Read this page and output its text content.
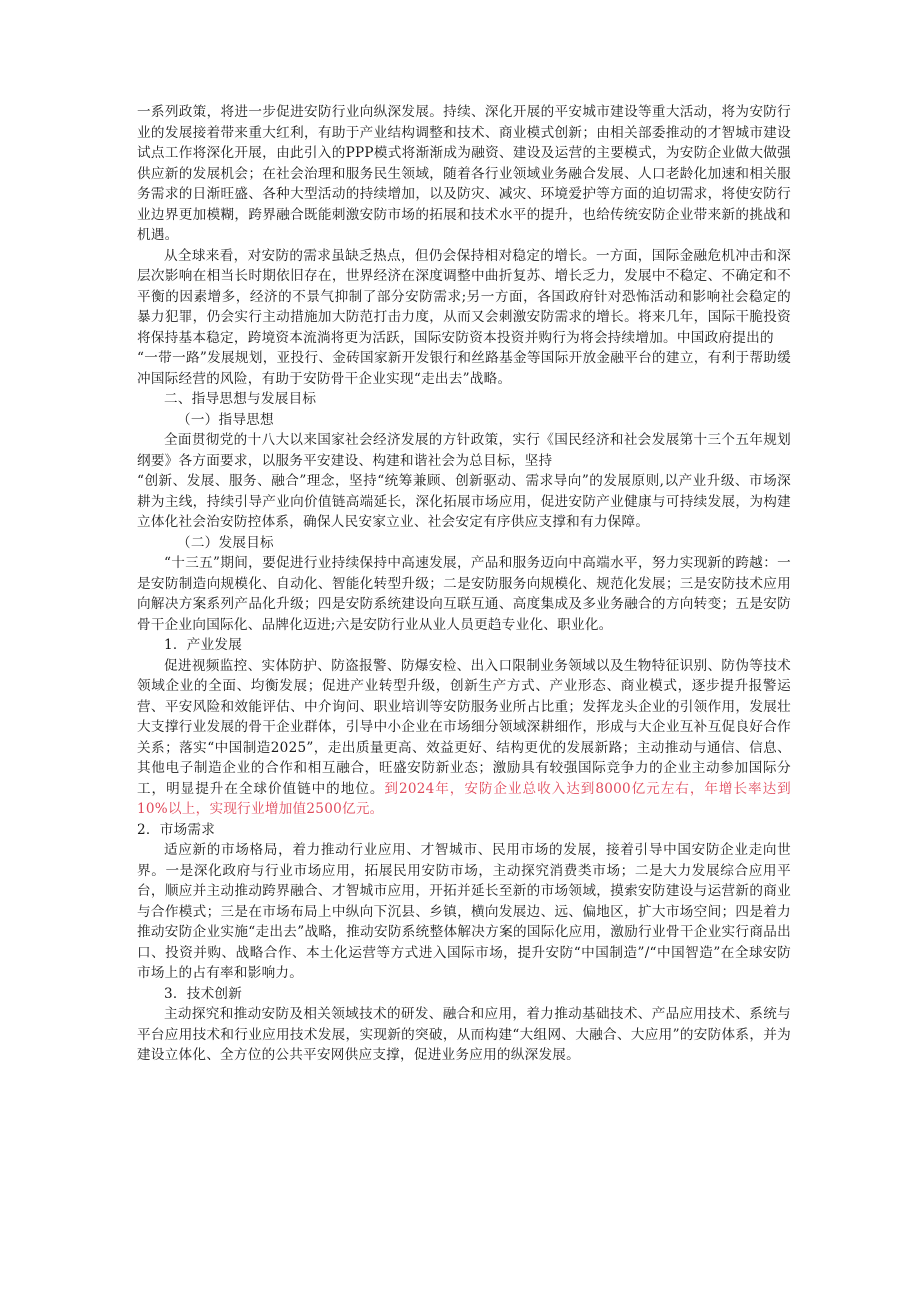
一系列政策，将进一步促进安防行业向纵深发展。持续、深化开展的平安城市建设等重大活动，将为安防行业的发展接着带来重大红利，有助于产业结构调整和技术、商业模式创新；由相关部委推动的才智城市建设试点工作将深化开展，由此引入的PPP模式将渐渐成为融资、建设及运营的主要模式，为安防企业做大做强供应新的发展机会；在社会治理和服务民生领域，随着各行业领域业务融合发展、人口老龄化加速和相关服务需求的日渐旺盛、各种大型活动的持续增加，以及防灾、减灾、环境爱护等方面的迫切需求，将使安防行业边界更加模糊，跨界融合既能刺激安防市场的拓展和技术水平的提升，也给传统安防企业带来新的挑战和机遇。

从全球来看，对安防的需求虽缺乏热点，但仍会保持相对稳定的增长。一方面，国际金融危机冲击和深层次影响在相当长时期依旧存在，世界经济在深度调整中曲折复苏、增长乏力，发展中不稳定、不确定和不平衡的因素增多，经济的不景气抑制了部分安防需求;另一方面，各国政府针对恐怖活动和影响社会稳定的暴力犯罪，仍会实行主动措施加大防范打击力度，从而又会刺激安防需求的增长。将来几年，国际干脆投资将保持基本稳定，跨境资本流淌将更为活跃，国际安防资本投资并购行为将会持续增加。中国政府提出的

“一带一路”发展规划，亚投行、金砖国家新开发银行和丝路基金等国际开放金融平台的建立，有利于帮助缓冲国际经营的风险，有助于安防骨干企业实现“走出去”战略。

二、指导思想与发展目标

（一）指导思想

全面贯彻党的十八大以来国家社会经济发展的方针政策，实行《国民经济和社会发展第十三个五年规划纲要》各方面要求，以服务平安建设、构建和谐社会为总目标，坚持

“创新、发展、服务、融合”理念，坚持“统筹兼顾、创新驱动、需求导向”的发展原则,以产业升级、市场深耕为主线，持续引导产业向价值链高端延长，深化拓展市场应用，促进安防产业健康与可持续发展，为构建立体化社会治安防控体系，确保人民安家立业、社会安定有序供应支撑和有力保障。

（二）发展目标

“十三五”期间，要促进行业持续保持中高速发展，产品和服务迈向中高端水平，努力实现新的跨越：一是安防制造向规模化、自动化、智能化转型升级；二是安防服务向规模化、规范化发展；三是安防技术应用向解决方案系列产品化升级；四是安防系统建设向互联互通、高度集成及多业务融合的方向转变；五是安防骨干企业向国际化、品牌化迈进;六是安防行业从业人员更趋专业化、职业化。

1．产业发展

促进视频监控、实体防护、防盗报警、防爆安检、出入口限制业务领域以及生物特征识别、防伪等技术领域企业的全面、均衡发展；促进产业转型升级，创新生产方式、产业形态、商业模式，逐步提升报警运营、平安风险和效能评估、中介询问、职业培训等安防服务业所占比重；发挥龙头企业的引领作用，发展壮大支撑行业发展的骨干企业群体，引导中小企业在市场细分领域深耕细作，形成与大企业互补互促良好合作关系；落实“中国制造2025”，走出质量更高、效益更好、结构更优的发展新路；主动推动与通信、信息、其他电子制造企业的合作和相互融合，旺盛安防新业态；激励具有较强国际竞争力的企业主动参加国际分工，明显提升在全球价值链中的地位。到2024年，安防企业总收入达到8000亿元左右，年增长率达到10%以上，实现行业增加值2500亿元。

2．市场需求

适应新的市场格局，着力推动行业应用、才智城市、民用市场的发展，接着引导中国安防企业走向世界。一是深化政府与行业市场应用，拓展民用安防市场，主动探究消费类市场；二是大力发展综合应用平台，顺应并主动推动跨界融合、才智城市应用，开拓并延长至新的市场领域，摸索安防建设与运营新的商业与合作模式；三是在市场布局上中纵向下沉县、乡镇，横向发展边、远、偏地区，扩大市场空间；四是着力推动安防企业实施“走出去”战略，推动安防系统整体解决方案的国际化应用，激励行业骨干企业实行商品出口、投资并购、战略合作、本土化运营等方式进入国际市场，提升安防“中国制造”/“中国智造”在全球安防市场上的占有率和影响力。

3．技术创新

主动探究和推动安防及相关领域技术的研发、融合和应用，着力推动基础技术、产品应用技术、系统与平台应用技术和行业应用技术发展，实现新的突破，从而构建“大组网、大融合、大应用”的安防体系，并为建设立体化、全方位的公共平安网供应支撑，促进业务应用的纵深发展。
